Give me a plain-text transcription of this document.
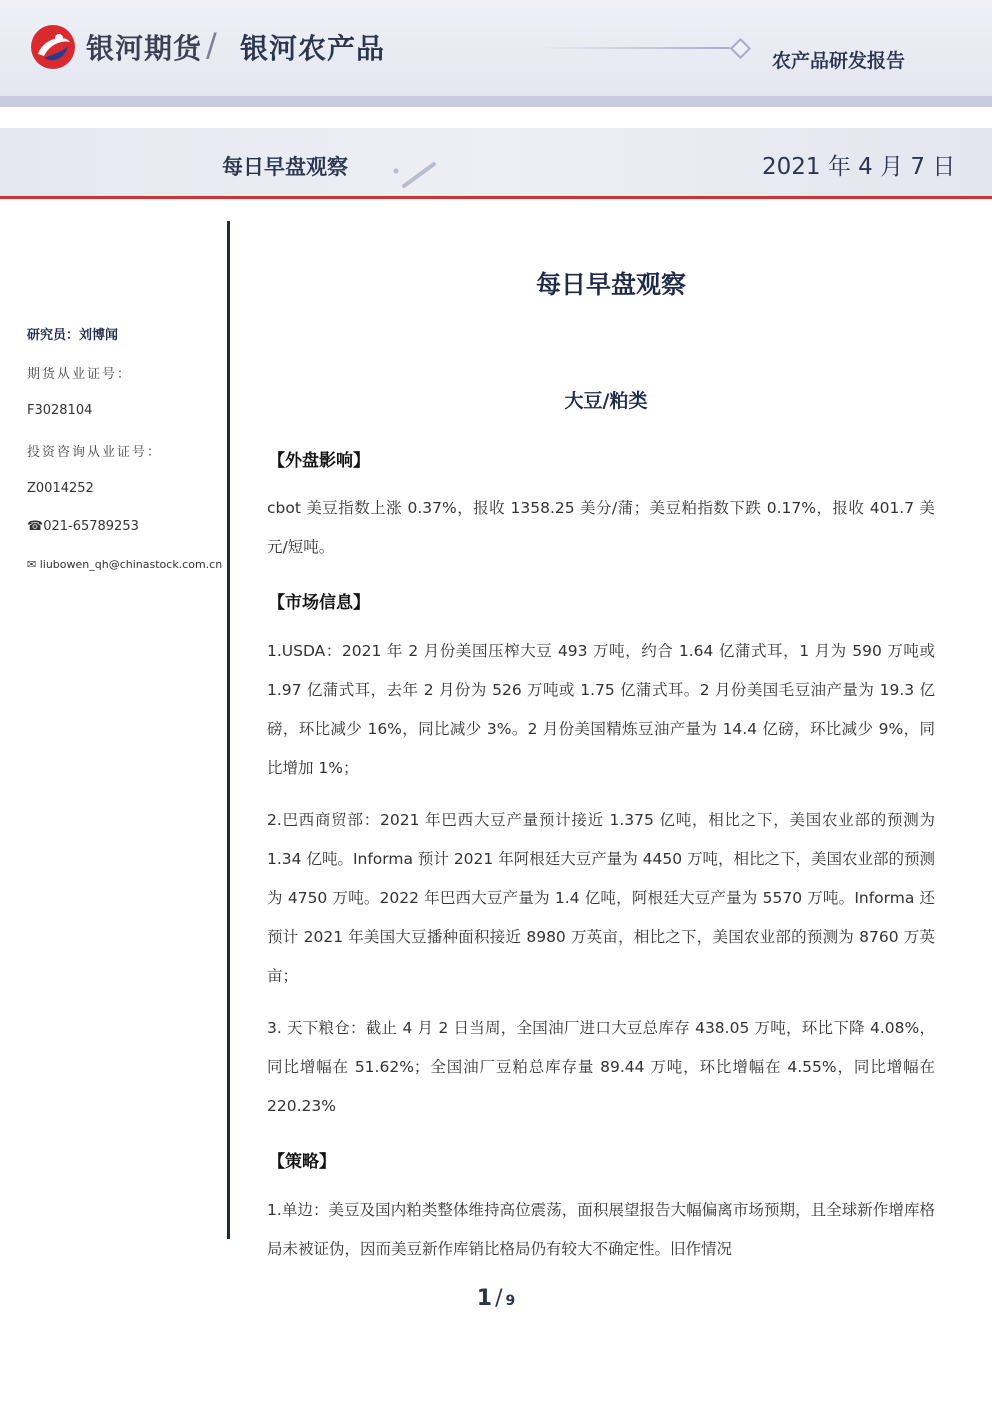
银河期货 / 银河农产品	农产品研发报告
每日早盘观察	2021 年 4 月 7 日
研究员：刘博闻
期货从业证号：
F3028104
投资咨询从业证号：
Z0014252
☎021-65789253
✉ liubowen_qh@chinastock.com.cn
每日早盘观察
大豆/粕类
【外盘影响】

cbot 美豆指数上涨 0.37%，报收 1358.25 美分/蒲；美豆粕指数下跌 0.17%，报收 401.7 美元/短吨。

【市场信息】

1.USDA：2021 年 2 月份美国压榨大豆 493 万吨，约合 1.64 亿蒲式耳，1 月为 590 万吨或 1.97 亿蒲式耳，去年 2 月份为 526 万吨或 1.75 亿蒲式耳。2 月份美国毛豆油产量为 19.3 亿磅，环比减少 16%，同比减少 3%。2 月份美国精炼豆油产量为 14.4 亿磅，环比减少 9%，同比增加 1%；

2.巴西商贸部：2021 年巴西大豆产量预计接近 1.375 亿吨，相比之下，美国农业部的预测为 1.34 亿吨。Informa 预计 2021 年阿根廷大豆产量为 4450 万吨，相比之下，美国农业部的预测为 4750 万吨。2022 年巴西大豆产量为 1.4 亿吨，阿根廷大豆产量为 5570 万吨。Informa 还预计 2021 年美国大豆播种面积接近 8980 万英亩，相比之下，美国农业部的预测为 8760 万英亩；

3. 天下粮仓：截止 4 月 2 日当周，全国油厂进口大豆总库存 438.05 万吨，环比下降 4.08%，同比增幅在 51.62%；全国油厂豆粕总库存量 89.44 万吨，环比增幅在 4.55%，同比增幅在 220.23%

【策略】

1.单边：美豆及国内粕类整体维持高位震荡，面积展望报告大幅偏离市场预期，且全球新作增库格局未被证伪，因而美豆新作库销比格局仍有较大不确定性。旧作情况

1 / 9
